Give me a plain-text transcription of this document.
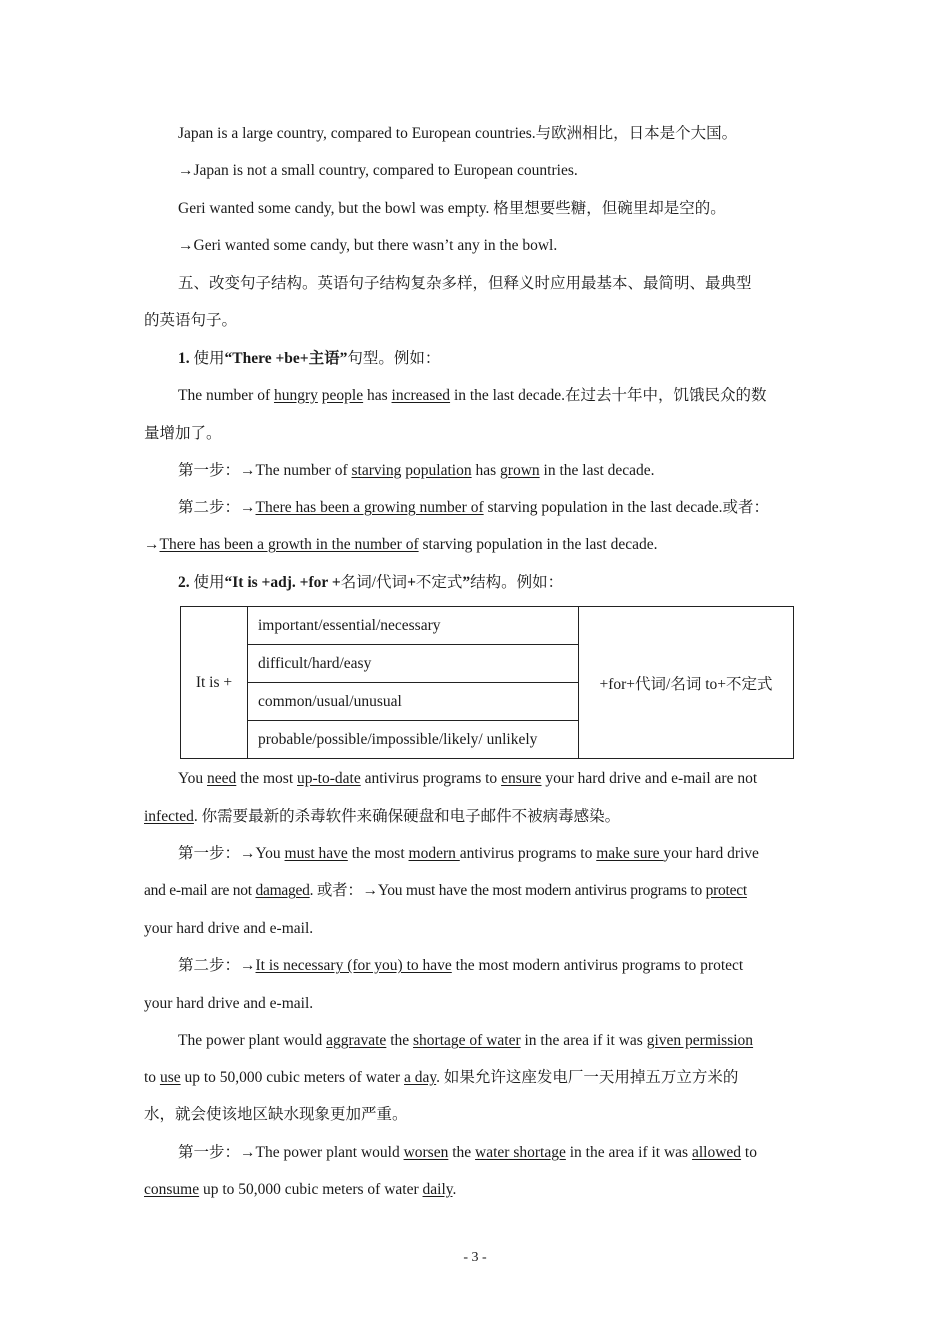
Japan is a large country, compared to European countries.与欧洲相比，日本是个大国。
→Japan is not a small country, compared to European countries.
Geri wanted some candy, but the bowl was empty. 格里想要些糖，但碗里却是空的。
→Geri wanted some candy, but there wasn’t any in the bowl.
五、改变句子结构。英语句子结构复杂多样，但释义时应用最基本、最简明、最典型
的英语句子。
1. 使用“There +be+主语”句型。例如：
The number of hungry people has increased in the last decade.在过去十年中，饥饿民众的数
量增加了。
第一步：→The number of starving population has grown in the last decade.
第二步：→There has been a growing number of starving population in the last decade.或者：
→There has been a growth in the number of starving population in the last decade.
2. 使用“It is +adj. +for +名词/代词+不定式”结构。例如：
It is +	important/essential/necessary	+for+代词/名词 to+不定式
difficult/hard/easy
common/usual/unusual
probable/possible/impossible/likely/ unlikely
You need the most up-to-date antivirus programs to ensure your hard drive and e-mail are not
infected. 你需要最新的杀毒软件来确保硬盘和电子邮件不被病毒感染。
第一步：→You must have the most modern antivirus programs to make sure your hard drive
and e-mail are not damaged. 或者：→You must have the most modern antivirus programs to protect
your hard drive and e-mail.
第二步：→It is necessary (for you) to have the most modern antivirus programs to protect
your hard drive and e-mail.
The power plant would aggravate the shortage of water in the area if it was given permission
to use up to 50,000 cubic meters of water a day. 如果允许这座发电厂一天用掉五万立方米的
水，就会使该地区缺水现象更加严重。
第一步：→The power plant would worsen the water shortage in the area if it was allowed to
consume up to 50,000 cubic meters of water daily.
- 3 -
